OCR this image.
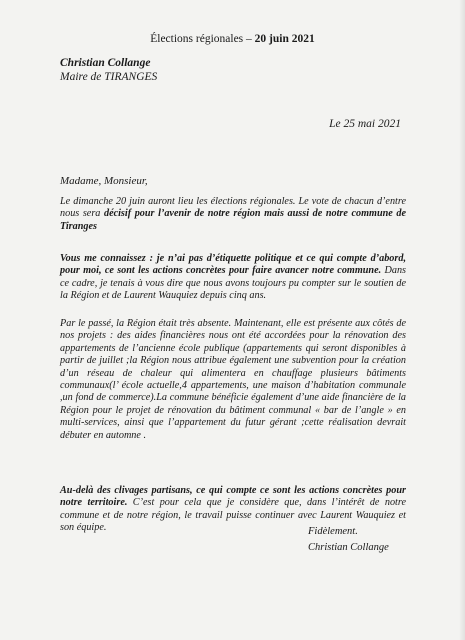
Élections régionales – 20 juin 2021
Christian Collange
Maire de TIRANGES
Le 25 mai 2021
Madame, Monsieur,

Le dimanche 20 juin auront lieu les élections régionales. Le vote de chacun d’entre nous sera décisif pour l’avenir de notre région mais aussi de notre commune de Tiranges

Vous me connaissez : je n’ai pas d’étiquette politique et ce qui compte d’abord, pour moi, ce sont les actions concrètes pour faire avancer notre commune. Dans ce cadre, je tenais à vous dire que nous avons toujours pu compter sur le soutien de la Région et de Laurent Wauquiez depuis cinq ans.

Par le passé, la Région était très absente. Maintenant, elle est présente aux côtés de nos projets : des aides financières nous ont été accordées pour la rénovation des appartements de l’ancienne école publique (appartements qui seront disponibles à partir de juillet ;la Région nous attribue également une subvention pour la création d’un réseau de chaleur qui alimentera en chauffage plusieurs bâtiments communaux(l’ école actuelle,4 appartements, une maison d’habitation communale ,un fond de commerce).La commune bénéficie également d’une aide financière de la Région pour le projet de rénovation du bâtiment communal « bar de l’angle » en multi-services, ainsi que l’appartement du futur gérant ;cette réalisation devrait débuter en automne .

Au-delà des clivages partisans, ce qui compte ce sont les actions concrètes pour notre territoire. C’est pour cela que je considère que, dans l’intérêt de notre commune et de notre région, le travail puisse continuer avec Laurent Wauquiez et son équipe.	Fidèlement.
Christian Collange
